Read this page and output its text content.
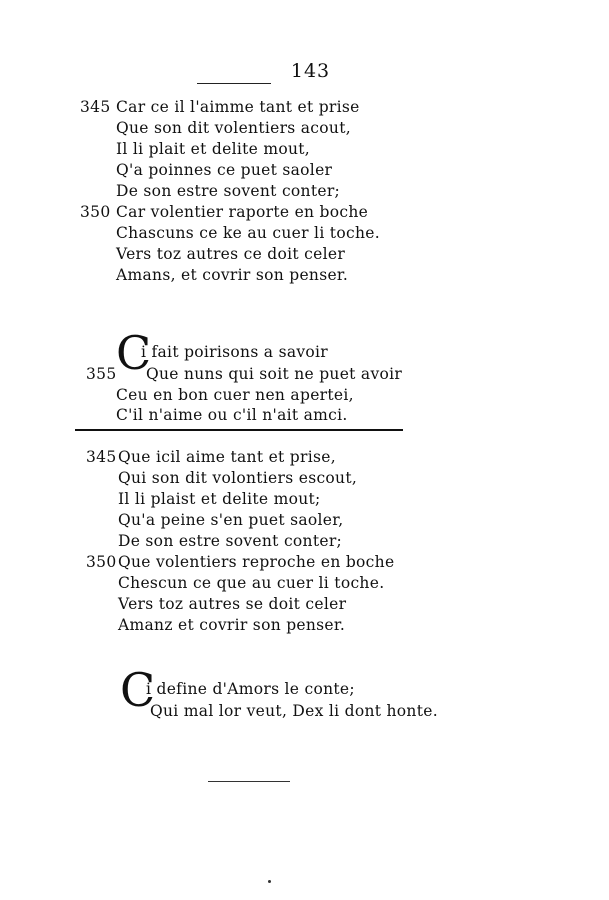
143
345 Car ce il l'aimme tant et prise
Que son dit volentiers acout,
Il li plait et delite mout,
Q'a poinnes ce puet saoler
De son estre sovent conter;
350 Car volentier raporte en boche
Chascuns ce ke au cuer li toche.
Vers toz autres ce doit celer
Amans, et covrir son penser.
C
i fait poirisons a savoir
355 Que nuns qui soit ne puet avoir
Ceu en bon cuer nen apertei,
C'il n'aime ou c'il n'ait amci.
345 Que icil aime tant et prise,
Qui son dit volontiers escout,
Il li plaist et delite mout;
Qu'a peine s'en puet saoler,
De son estre sovent conter;
350 Que volentiers reproche en boche
Chescun ce que au cuer li toche.
Vers toz autres se doit celer
Amanz et covrir son penser.
C
i define d'Amors le conte;
Qui mal lor veut, Dex li dont honte.
